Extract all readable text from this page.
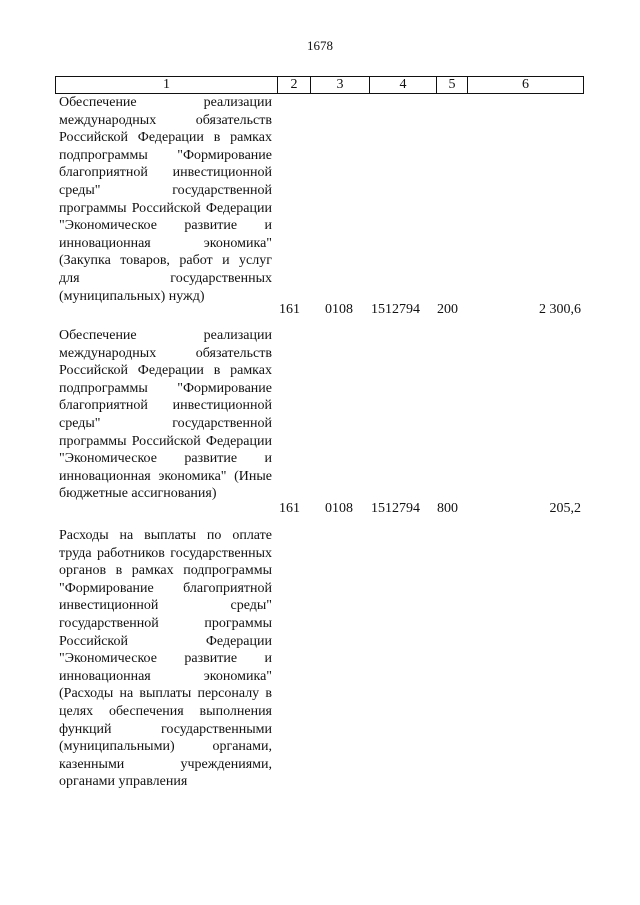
1678
1	2	3	4	5	6
Обеспечение реализации международных обязательств Российской Федерации в рамках подпрограммы "Формирование благоприятной инвестиционной среды" государственной программы Российской Федерации "Экономическое развитие и инновационная экономика" (Закупка товаров, работ и услуг для государственных (муниципальных) нужд)
161 0108 1512794 200	2 300,6
Обеспечение реализации международных обязательств Российской Федерации в рамках подпрограммы "Формирование благоприятной инвестиционной среды" государственной программы Российской Федерации "Экономическое развитие и инновационная экономика" (Иные бюджетные ассигнования)
161 0108 1512794 800	205,2
Расходы на выплаты по оплате труда работников государственных органов в рамках подпрограммы "Формирование благоприятной инвестиционной среды" государственной программы Российской Федерации "Экономическое развитие и инновационная экономика" (Расходы на выплаты персоналу в целях обеспечения выполнения функций государственными (муниципальными) органами, казенными учреждениями, органами управления
